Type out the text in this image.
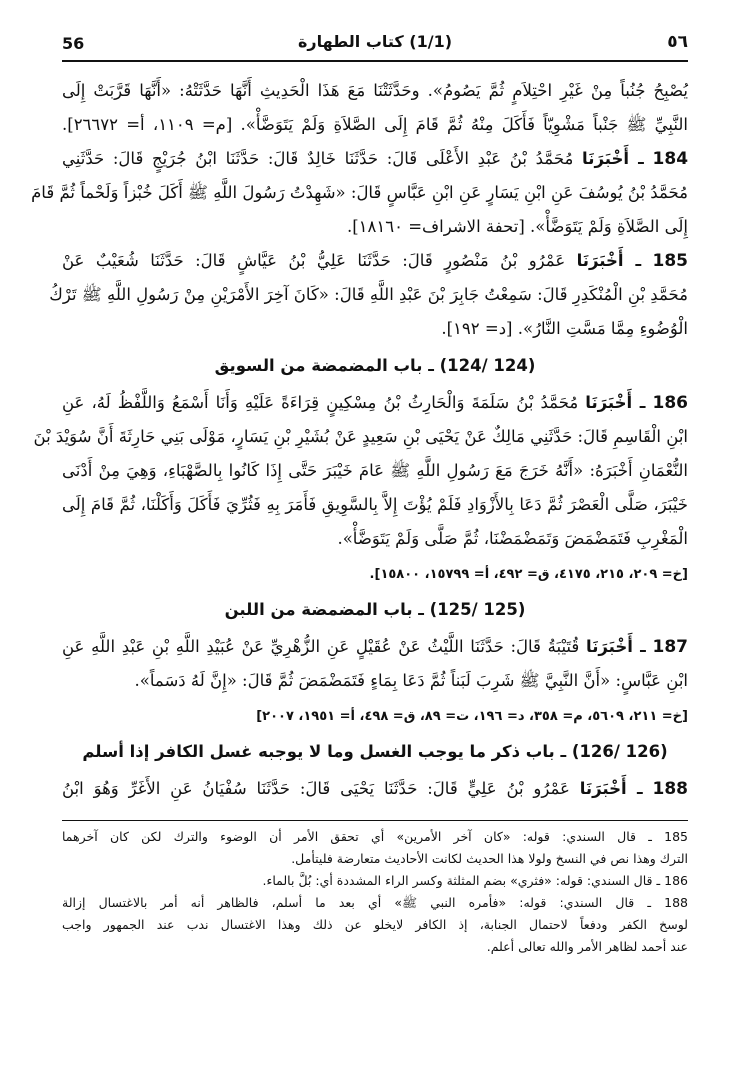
56	(1/1) كتاب الطهارة	٥٦
يُصْبِحُ جُنُباً مِنْ غَيْرِ احْتِلاَمٍ ثُمَّ يَصُومُ». وحَدَّثَتْنَا مَعَ هَذَا الْحَدِيثِ أَنَّهَا حَدَّثَتْهُ: «أَنَّهَا قَرَّبَتْ إِلَى
النَّبِيِّ ﷺ جَنْباً مَشْوِيّاً فَأَكَلَ مِنْهُ ثُمَّ قَامَ إِلَى الصَّلاَةِ وَلَمْ يَتَوَضَّأْ». [م= ١١٠٩، أ= ٢٦٦٧٢].
184 ـ أَخْبَرَنَا مُحَمَّدُ بْنُ عَبْدِ الأَعْلَى قَالَ: حَدَّثَنَا خَالِدٌ قَالَ: حَدَّثَنَا ابْنُ جُرَيْجٍ قَالَ: حَدَّثَنِي
مُحَمَّدُ بْنُ يُوسُفَ عَنِ ابْنِ يَسَارٍ عَنِ ابْنِ عَبَّاسٍ قَالَ: «شَهِدْتُ رَسُولَ اللَّهِ ﷺ أَكَلَ خُبْزاً وَلَحْماً ثُمَّ قَامَ
إِلَى الصَّلاَةِ وَلَمْ يَتَوَضَّأْ». [تحفة الاشراف= ١٨١٦٠].
185 ـ أَخْبَرَنَا عَمْرُو بْنُ مَنْصُورٍ قَالَ: حَدَّثَنَا عَلِيُّ بْنُ عَيَّاشٍ قَالَ: حَدَّثَنَا شُعَيْبٌ عَنْ
مُحَمَّدِ بْنِ الْمُنْكَدِرِ قَالَ: سَمِعْتُ جَابِرَ بْنَ عَبْدِ اللَّهِ قَالَ: «كَانَ آخِرَ الأَمْرَيْنِ مِنْ رَسُولِ اللَّهِ ﷺ تَرْكُ
الْوُضُوءِ مِمَّا مَسَّتِ النَّارُ». [د= ١٩٢].
(124 /124) ـ باب المضمضة من السويق
186 ـ أَخْبَرَنَا مُحَمَّدُ بْنُ سَلَمَةَ وَالْحَارِثُ بْنُ مِسْكِينٍ قِرَاءَةً عَلَيْهِ وَأَنَا أَسْمَعُ وَاللَّفْظُ لَهُ، عَنِ
ابْنِ الْقَاسِمِ قَالَ: حَدَّثَنِي مَالِكٌ عَنْ يَحْيَى بْنِ سَعِيدٍ عَنْ بُشَيْرِ بْنِ يَسَارٍ، مَوْلَى بَنِي حَارِثَةَ أَنَّ سُوَيْدَ بْنَ
النُّعْمَانِ أَخْبَرَهُ: «أَنَّهُ خَرَجَ مَعَ رَسُولِ اللَّهِ ﷺ عَامَ خَيْبَرَ حَتَّى إِذَا كَانُوا بِالصَّهْبَاءِ، وَهِيَ مِنْ أَدْنَى
خَيْبَرَ، صَلَّى الْعَصْرَ ثُمَّ دَعَا بِالأَزْوَادِ فَلَمْ يُؤْتَ إِلاَّ بِالسَّوِيقِ فَأَمَرَ بِهِ فَثُرِّيَ فَأَكَلَ وَأَكَلْنَا، ثُمَّ قَامَ إِلَى
الْمَغْرِبِ فَتَمَضْمَضَ وَتَمَضْمَضْنَا، ثُمَّ صَلَّى وَلَمْ يَتَوَضَّأْ».
[خ= ٢٠٩، ٢١٥، ٤١٧٥، ق= ٤٩٢، أ= ١٥٧٩٩، ١٥٨٠٠].
(125 /125) ـ باب المضمضة من اللبن
187 ـ أَخْبَرَنَا قُتَيْبَةُ قَالَ: حَدَّثَنَا اللَّيْثُ عَنْ عُقَيْلٍ عَنِ الزُّهْرِيِّ عَنْ عُبَيْدِ اللَّهِ بْنِ عَبْدِ اللَّهِ عَنِ
ابْنِ عَبَّاسٍ: «أَنَّ النَّبِيَّ ﷺ شَرِبَ لَبَناً ثُمَّ دَعَا بِمَاءٍ فَتَمَضْمَضَ ثُمَّ قَالَ: «إِنَّ لَهُ دَسَماً».
[خ= ٢١١، ٥٦٠٩، م= ٣٥٨، د= ١٩٦، ت= ٨٩، ق= ٤٩٨، أ= ١٩٥١، ٢٠٠٧]
(126 /126) ـ باب ذكر ما يوجب الغسل وما لا يوجبه غسل الكافر إذا أسلم
188 ـ أَخْبَرَنَا عَمْرُو بْنُ عَلِيٍّ قَالَ: حَدَّثَنَا يَحْيَى قَالَ: حَدَّثَنَا سُفْيَانُ عَنِ الأَغَرِّ وَهُوَ ابْنُ
185 ـ قال السندي: قوله: «كان آخر الأمرين» أي تحقق الأمر أن الوضوء والترك لكن كان آخرهما
الترك وهذا نص في النسخ ولولا هذا الحديث لكانت الأحاديث متعارضة فليتأمل.
186 ـ قال السندي: قوله: «فثري» بضم المثلثة وكسر الراء المشددة أي: بُلَّ بالماء.
188 ـ قال السندي: قوله: «فأمره النبي ﷺ» أي بعد ما أسلم، فالظاهر أنه أمر بالاغتسال إزالة
لوسخ الكفر ودفعاً لاحتمال الجنابة، إذ الكافر لايخلو عن ذلك وهذا الاغتسال ندب عند الجمهور واجب
عند أحمد لظاهر الأمر والله تعالى أعلم.
